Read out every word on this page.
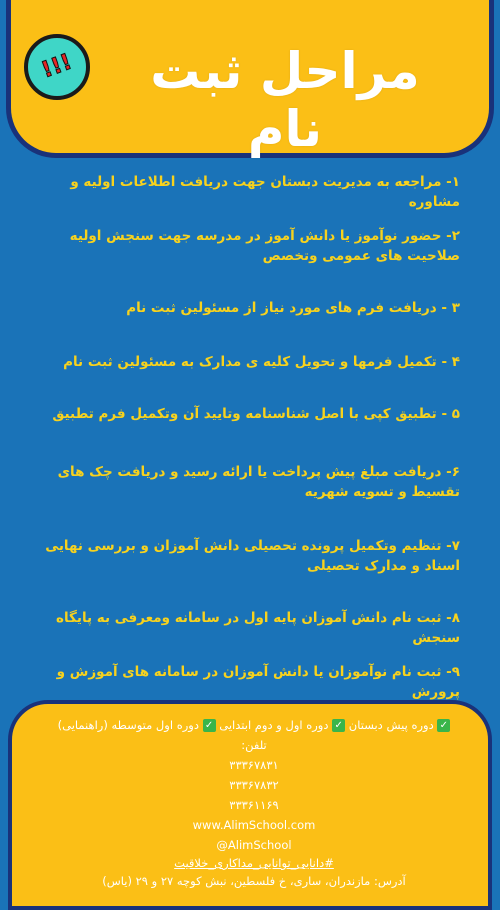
مراحل ثبت نام
!!!
۱- مراجعه به مدیریت دبستان جهت دریافت اطلاعات اولیه و مشاوره
۲- حضور نوآموز یا دانش آموز در مدرسه جهت سنجش اولیه صلاحیت های عمومی وتخصص
۳ - دریافت فرم های مورد نیاز از مسئولین ثبت نام
۴ - تکمیل فرمها و تحویل کلیه ی مدارک به مسئولین ثبت نام
۵ - تطبیق کپی با اصل شناسنامه وتایید آن وتکمیل فرم تطبیق
۶- دریافت مبلغ پیش پرداخت یا ارائه رسید و دریافت چک های تقسیط و تسویه شهریه
۷- تنظیم وتکمیل پرونده تحصیلی دانش آموزان و بررسی نهایی اسناد و مدارک تحصیلی
۸- ثبت نام دانش آموزان پایه اول در سامانه ومعرفی به پایگاه سنجش
۹- ثبت نام نوآموزان یا دانش آموزان در سامانه های آموزش و پرورش
✓ دوره پیش دبستان ✓ دوره اول و دوم ابتدایی ✓ دوره اول متوسطه (راهنمایی)
تلفن:
۳۳۳۶۷۸۳۱
۳۳۳۶۷۸۳۲
۳۳۳۶۱۱۶۹
www.AlimSchool.com
@AlimSchool
#دانایی_توانایی_مداکاری_خلاقیت
آدرس: مازندران، ساری، خ فلسطین، نبش کوچه ۲۷ و ۲۹ (یاس)
